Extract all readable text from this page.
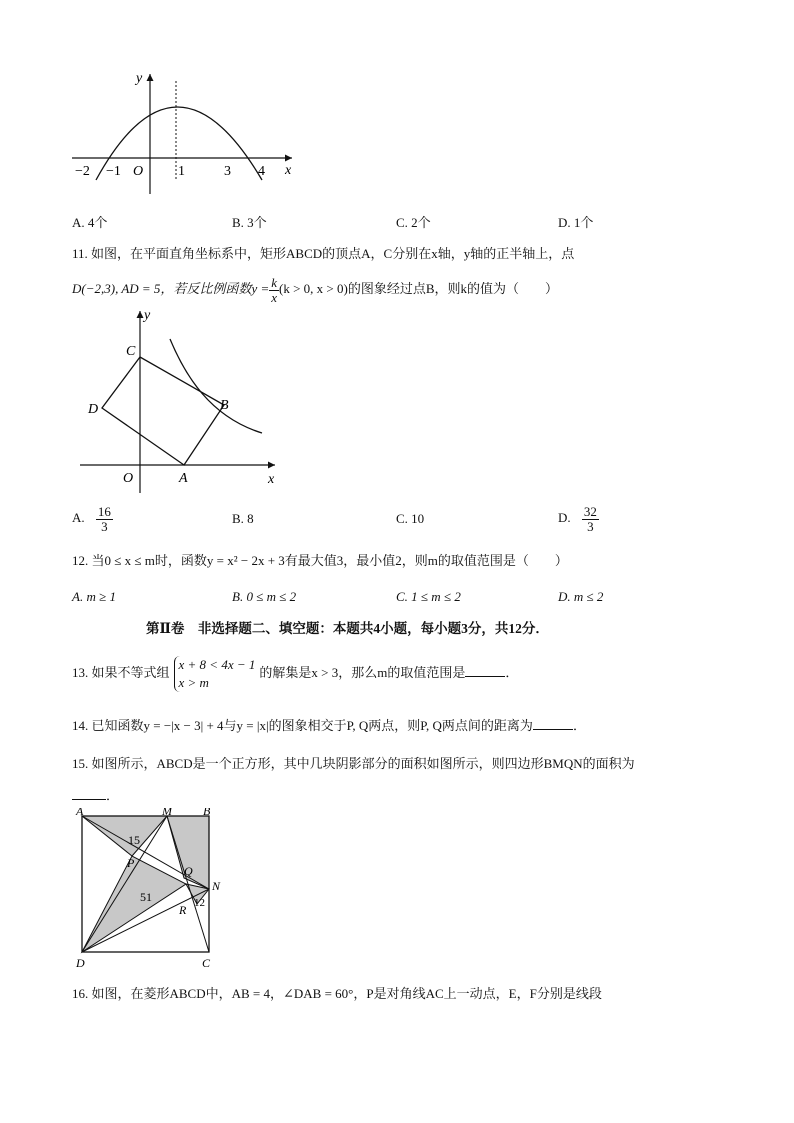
y
x
O
−2 −1	1	3 4
A. 4个	B. 3个	C. 2个	D. 1个
11. 如图，在平面直角坐标系中，矩形ABCD的顶点A，C分别在x轴，y轴的正半轴上，点
D(−2,3), AD = 5，若反比例函数$y = \frac{k}{x} (k > 0$, x > 0)的图象经过点B，则k的值为（　　）
y
x
O	A
B
C
D
A. $\frac{16}{3}$	B. 8	C. 10	D. $\frac{32}{3}$
12. 当0 ≤ x ≤ m时，函数y = x² − 2x + 3有最大值3，最小值2，则m的取值范围是（　　）
A. m ≥ 1	B. 0 ≤ m ≤ 2	C. 1 ≤ m ≤ 2	D. m ≤ 2
第Ⅱ卷　非选择题二、填空题：本题共4小题，每小题3分，共12分．
13. 如果不等式组
x + 8 < 4x − 1
x > m
的解集是x > 3，那么m的取值范围是	．
14. 已知函数y = −|x − 3| + 4与y = |x|的图象相交于P, Q两点，则P, Q两点间的距离为	．
15. 如图所示，ABCD是一个正方形，其中几块阴影部分的面积如图所示，则四边形BMQN的面积为
．
A	M	B
N
C
D
P
Q
R
15
51	12
16. 如图，在菱形ABCD中，AB = 4，∠DAB = 60°，P是对角线AC上一动点，E，F分别是线段
